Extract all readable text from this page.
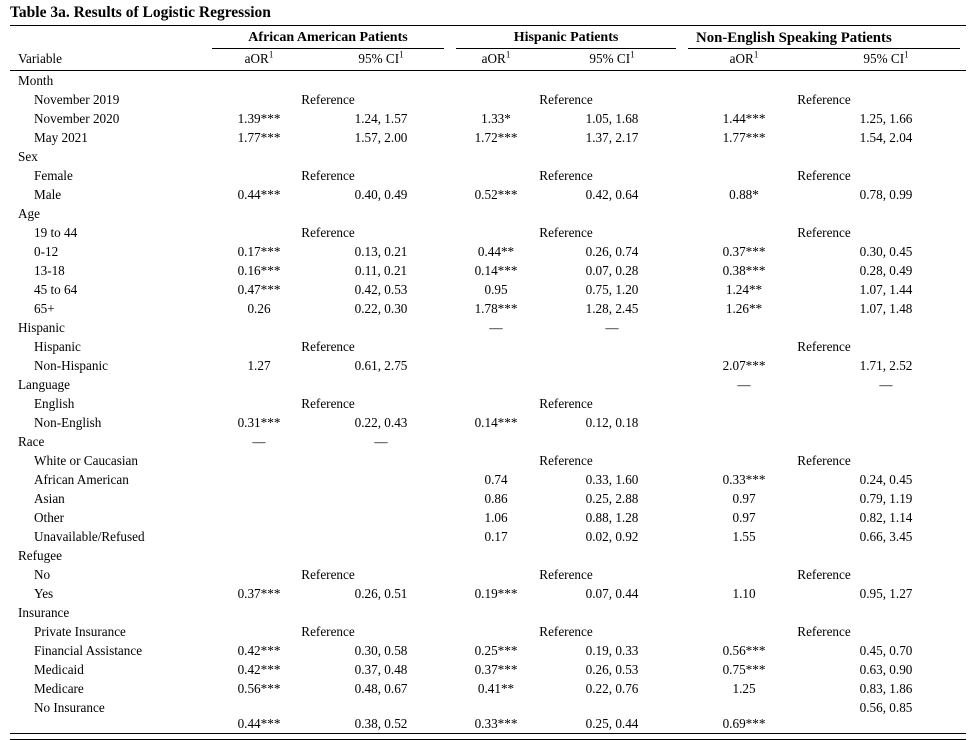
Table 3a. Results of Logistic Regression

	African American Patients		Hispanic Patients		Non-English Speaking Patients	

Variable	aOR$^1$	95% $CI^1$	aOR$^1$	95% $CI^1$	aOR$^1$	95% $CI^1$
Month						
November 2019	Reference		Reference		Reference	
November 2020	1.39***	1.24, 1.57	1.33*	1.05, 1.68	1.44***	1.25, 1.66
May 2021	1.77***	1.57, 2.00	1.72***	1.37, 2.17	1.77***	1.54, 2.04
Sex						
Female	Reference		Reference		Reference	
Male	0.44***	0.40, 0.49	0.52***	0.42, 0.64	0.88*	0.78, 0.99
Age						
19 to 44	Reference		Reference		Reference	
0-12	0.17***	0.13, 0.21	0.44**	0.26, 0.74	0.37***	0.30, 0.45
13-18	0.16***	0.11, 0.21	0.14***	0.07, 0.28	0.38***	0.28, 0.49
45 to 64	0.47***	0.42, 0.53	0.95	0.75, 1.20	1.24**	1.07, 1.44
65+	0.26	0.22, 0.30	1.78***	1.28, 2.45	1.26**	1.07, 1.48
Hispanic			—	—		
Hispanic	Reference				Reference	
Non-Hispanic	1.27	0.61, 2.75			2.07***	1.71, 2.52
Language					—	—
English	Reference		Reference			
Non-English	0.31***	0.22, 0.43	0.14***	0.12, 0.18		
Race	—	—				
White or Caucasian			Reference		Reference	
African American			0.74	0.33, 1.60	0.33***	0.24, 0.45
Asian			0.86	0.25, 2.88	0.97	0.79, 1.19
Other			1.06	0.88, 1.28	0.97	0.82, 1.14
Unavailable/Refused			0.17	0.02, 0.92	1.55	0.66, 3.45
Refugee						
No	Reference		Reference		Reference	
Yes	0.37***	0.26, 0.51	0.19***	0.07, 0.44	1.10	0.95, 1.27
Insurance						
Private Insurance	Reference		Reference		Reference	
Financial Assistance	0.42***	0.30, 0.58	0.25***	0.19, 0.33	0.56***	0.45, 0.70
Medicaid	0.42***	0.37, 0.48	0.37***	0.26, 0.53	0.75***	0.63, 0.90
Medicare	0.56***	0.48, 0.67	0.41**	0.22, 0.76	1.25	0.83, 1.86
No Insurance	0.44***	0.38, 0.52	0.33***	0.25, 0.44	0.69***	0.56, 0.85
